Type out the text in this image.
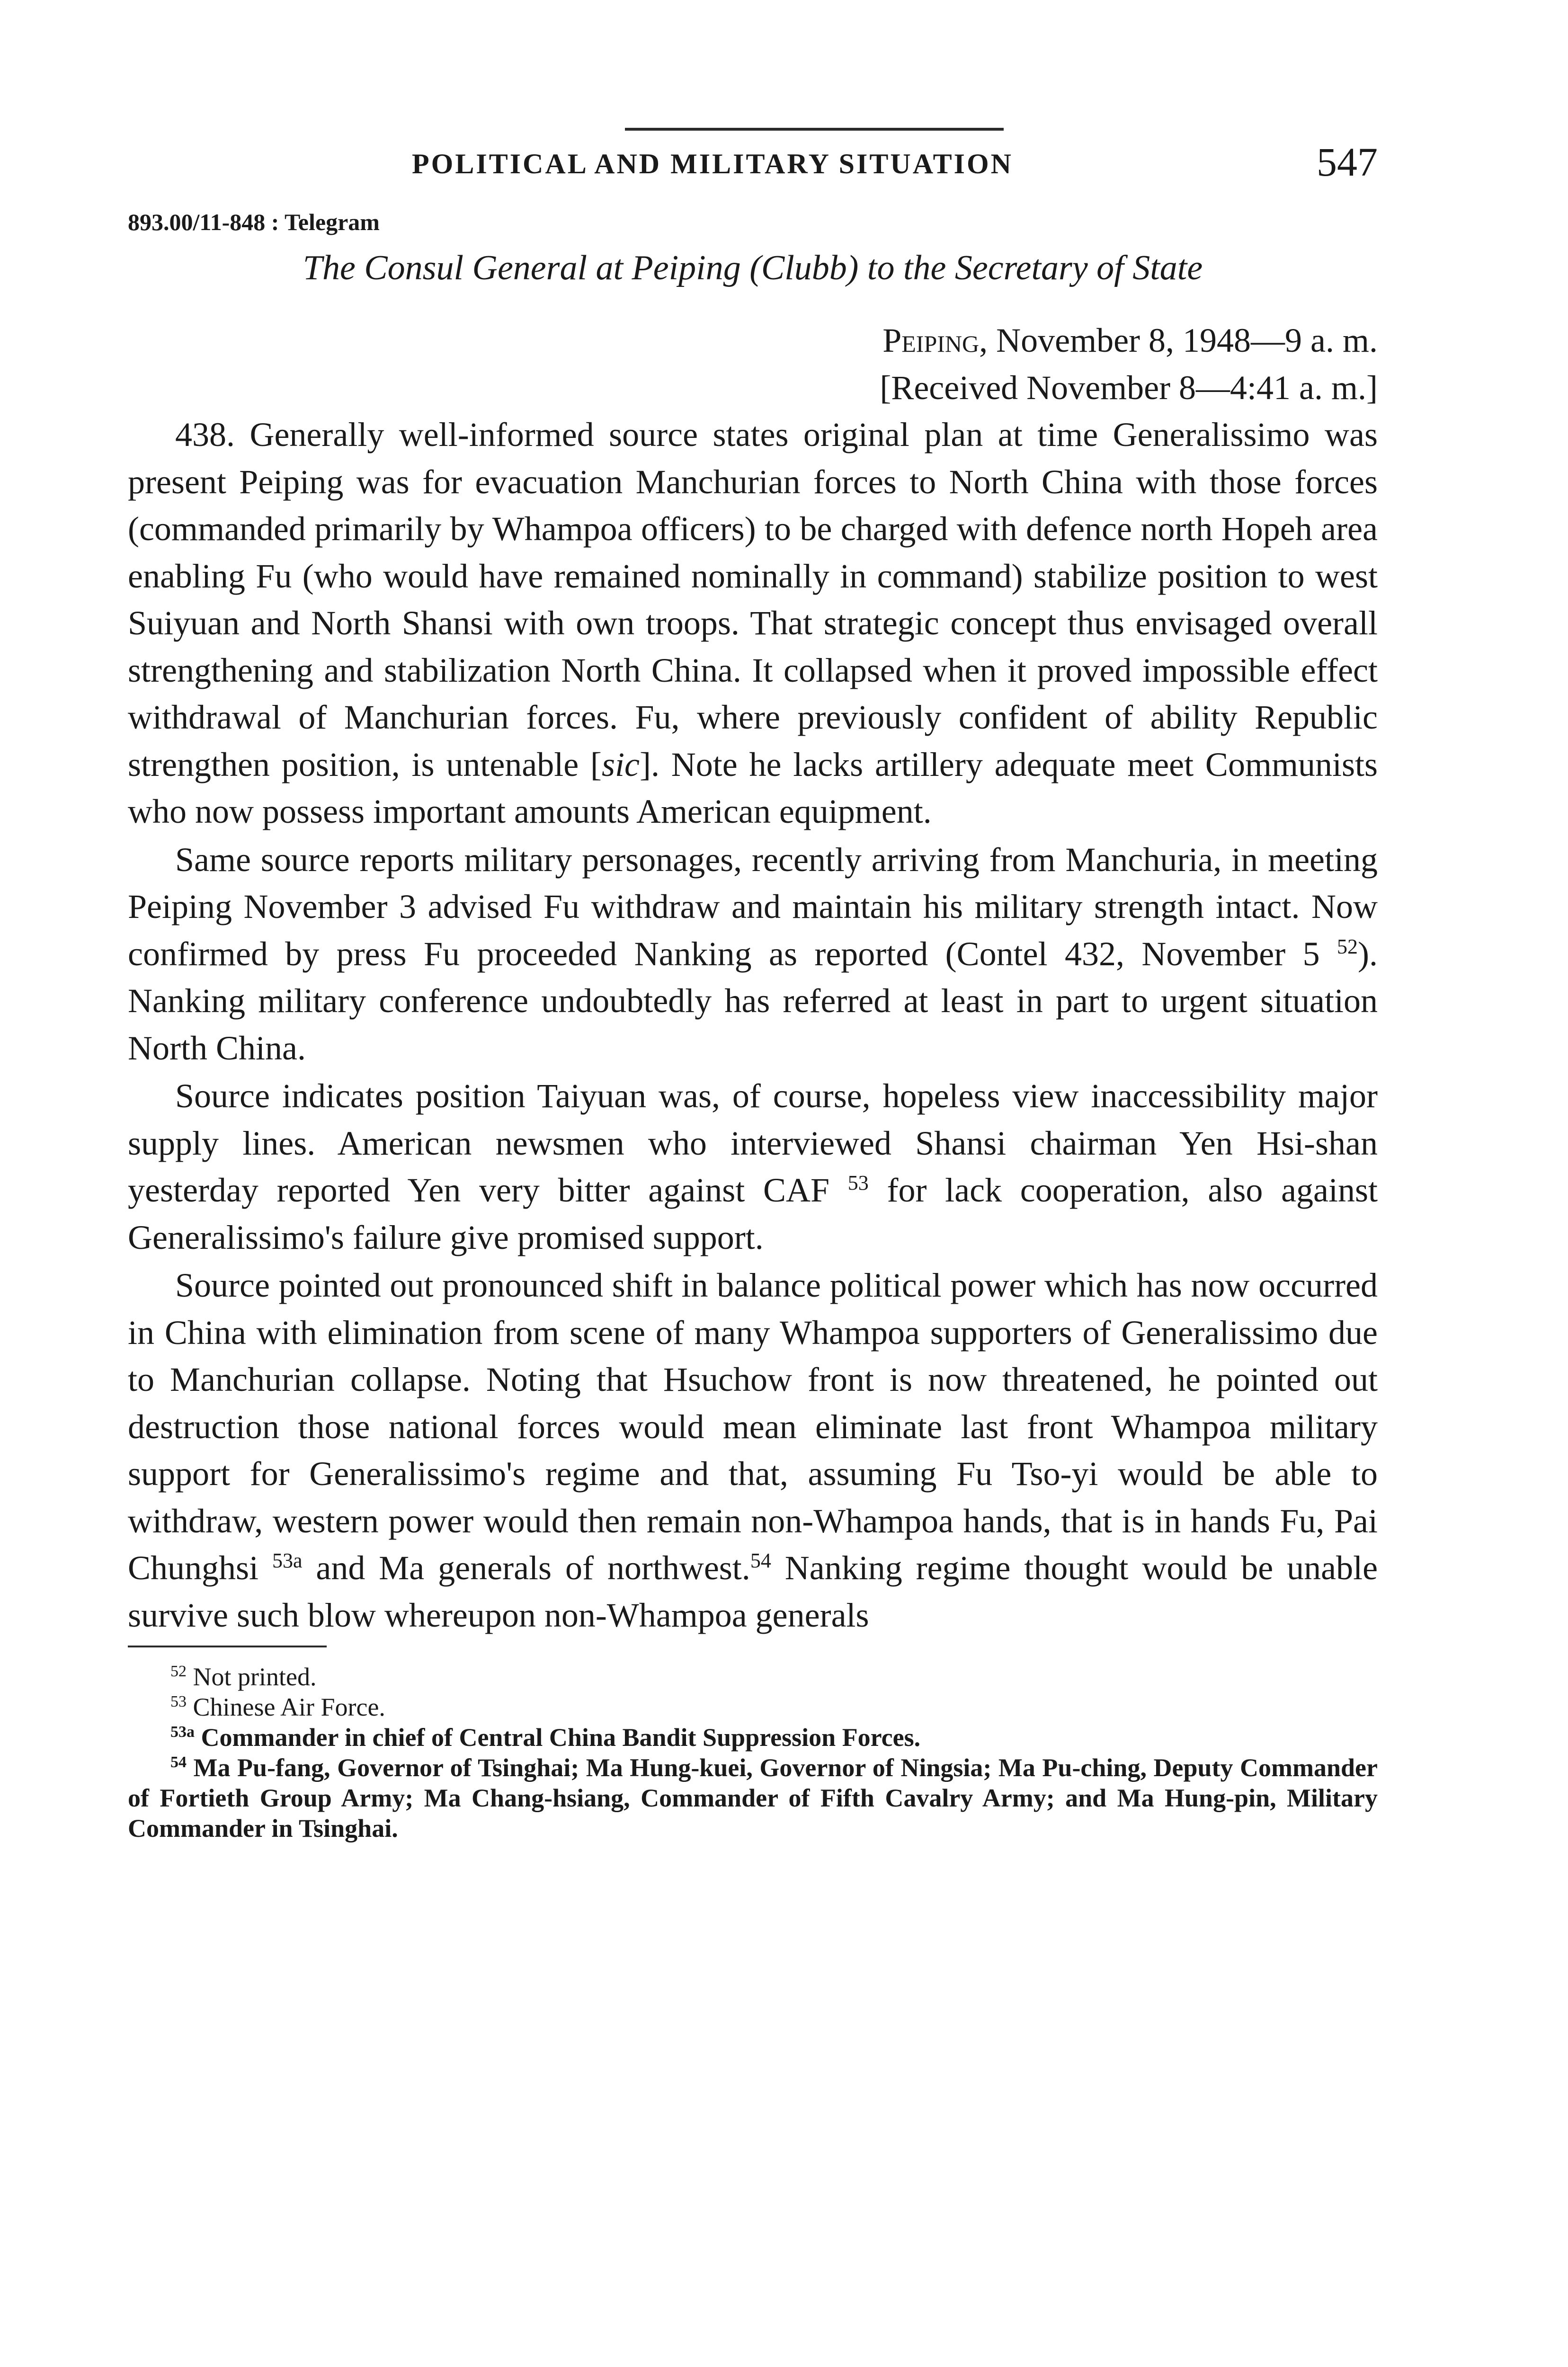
POLITICAL AND MILITARY SITUATION	547
893.00/11-848 : Telegram
The Consul General at Peiping (Clubb) to the Secretary of State
Peiping, November 8, 1948—9 a. m.
[Received November 8—4:41 a. m.]

438. Generally well-informed source states original plan at time Generalissimo was present Peiping was for evacuation Manchurian forces to North China with those forces (commanded primarily by Whampoa officers) to be charged with defence north Hopeh area enabling Fu (who would have remained nominally in command) stabilize position to west Suiyuan and North Shansi with own troops. That strategic concept thus envisaged overall strengthening and stabilization North China. It collapsed when it proved impossible effect withdrawal of Manchurian forces. Fu, where previously confident of ability Republic strengthen position, is untenable [sic]. Note he lacks artillery adequate meet Communists who now possess important amounts American equipment.

Same source reports military personages, recently arriving from Manchuria, in meeting Peiping November 3 advised Fu withdraw and maintain his military strength intact. Now confirmed by press Fu proceeded Nanking as reported (Contel 432, November 5 $^{52}$). Nanking military conference undoubtedly has referred at least in part to urgent situation North China.

Source indicates position Taiyuan was, of course, hopeless view inaccessibility major supply lines. American newsmen who interviewed Shansi chairman Yen Hsi-shan yesterday reported Yen very bitter against CAF $^{53}$ for lack cooperation, also against Generalissimo's failure give promised support.

Source pointed out pronounced shift in balance political power which has now occurred in China with elimination from scene of many Whampoa supporters of Generalissimo due to Manchurian collapse. Noting that Hsuchow front is now threatened, he pointed out destruction those national forces would mean eliminate last front Whampoa military support for Generalissimo's regime and that, assuming Fu Tso-yi would be able to withdraw, western power would then remain non-Whampoa hands, that is in hands Fu, Pai Chunghsi $^{53a}$ and Ma generals of northwest.$^{54}$ Nanking regime thought would be unable survive such blow whereupon non-Whampoa generals

$^{52}$ Not printed.

$^{53}$ Chinese Air Force.

$^{53a}$ Commander in chief of Central China Bandit Suppression Forces.

$^{54}$ Ma Pu-fang, Governor of Tsinghai; Ma Hung-kuei, Governor of Ningsia; Ma Pu-ching, Deputy Commander of Fortieth Group Army; Ma Chang-hsiang, Commander of Fifth Cavalry Army; and Ma Hung-pin, Military Commander in Tsinghai.
